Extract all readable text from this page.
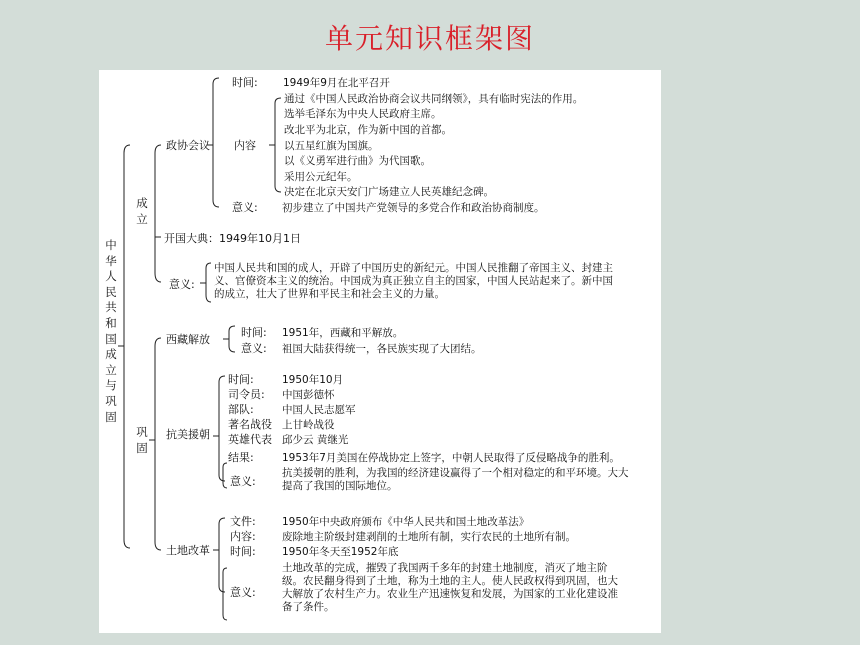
单元知识框架图
中华人民共和国成立与巩固
成立
政协会议
时间: 1949年9月在北平召开
内容
通过《中国人民政治协商会议共同纲领》，具有临时宪法的作用。
选举毛泽东为中央人民政府主席。
改北平为北京，作为新中国的首都。
以五星红旗为国旗。
以《义勇军进行曲》为代国歌。
采用公元纪年。
决定在北京天安门广场建立人民英雄纪念碑。
意义: 初步建立了中国共产党领导的多党合作和政治协商制度。
开国大典：1949年10月1日
意义:
中国人民共和国的成人，开辟了中国历史的新纪元。中国人民推翻了帝国主义、封建主义、官僚资本主义的统治。中国成为真正独立自主的国家，中国人民站起来了。新中国的成立，壮大了世界和平民主和社会主义的力量。
巩固
西藏解放
时间: 1951年，西藏和平解放。
意义: 祖国大陆获得统一，各民族实现了大团结。
抗美援朝
时间:	1950年10月
司令员: 中国彭德怀
部队:	中国人民志愿军
著名战役 上甘岭战役
英雄代表 邱少云 黄继光
结果:	1953年7月美国在停战协定上签字，中朝人民取得了反侵略战争的胜利。
意义:
抗美援朝的胜利，为我国的经济建设赢得了一个相对稳定的和平环境。大大提高了我国的国际地位。
土地改革
文件:	1950年中央政府颁布《中华人民共和国土地改革法》
内容:	废除地主阶级封建剥削的土地所有制，实行农民的土地所有制。
时间:	1950年冬天至1952年底
意义:
土地改革的完成，摧毁了我国两千多年的封建土地制度，消灭了地主阶级。农民翻身得到了土地，称为土地的主人。使人民政权得到巩固，也大大解放了农村生产力。农业生产迅速恢复和发展，为国家的工业化建设准备了条件。
